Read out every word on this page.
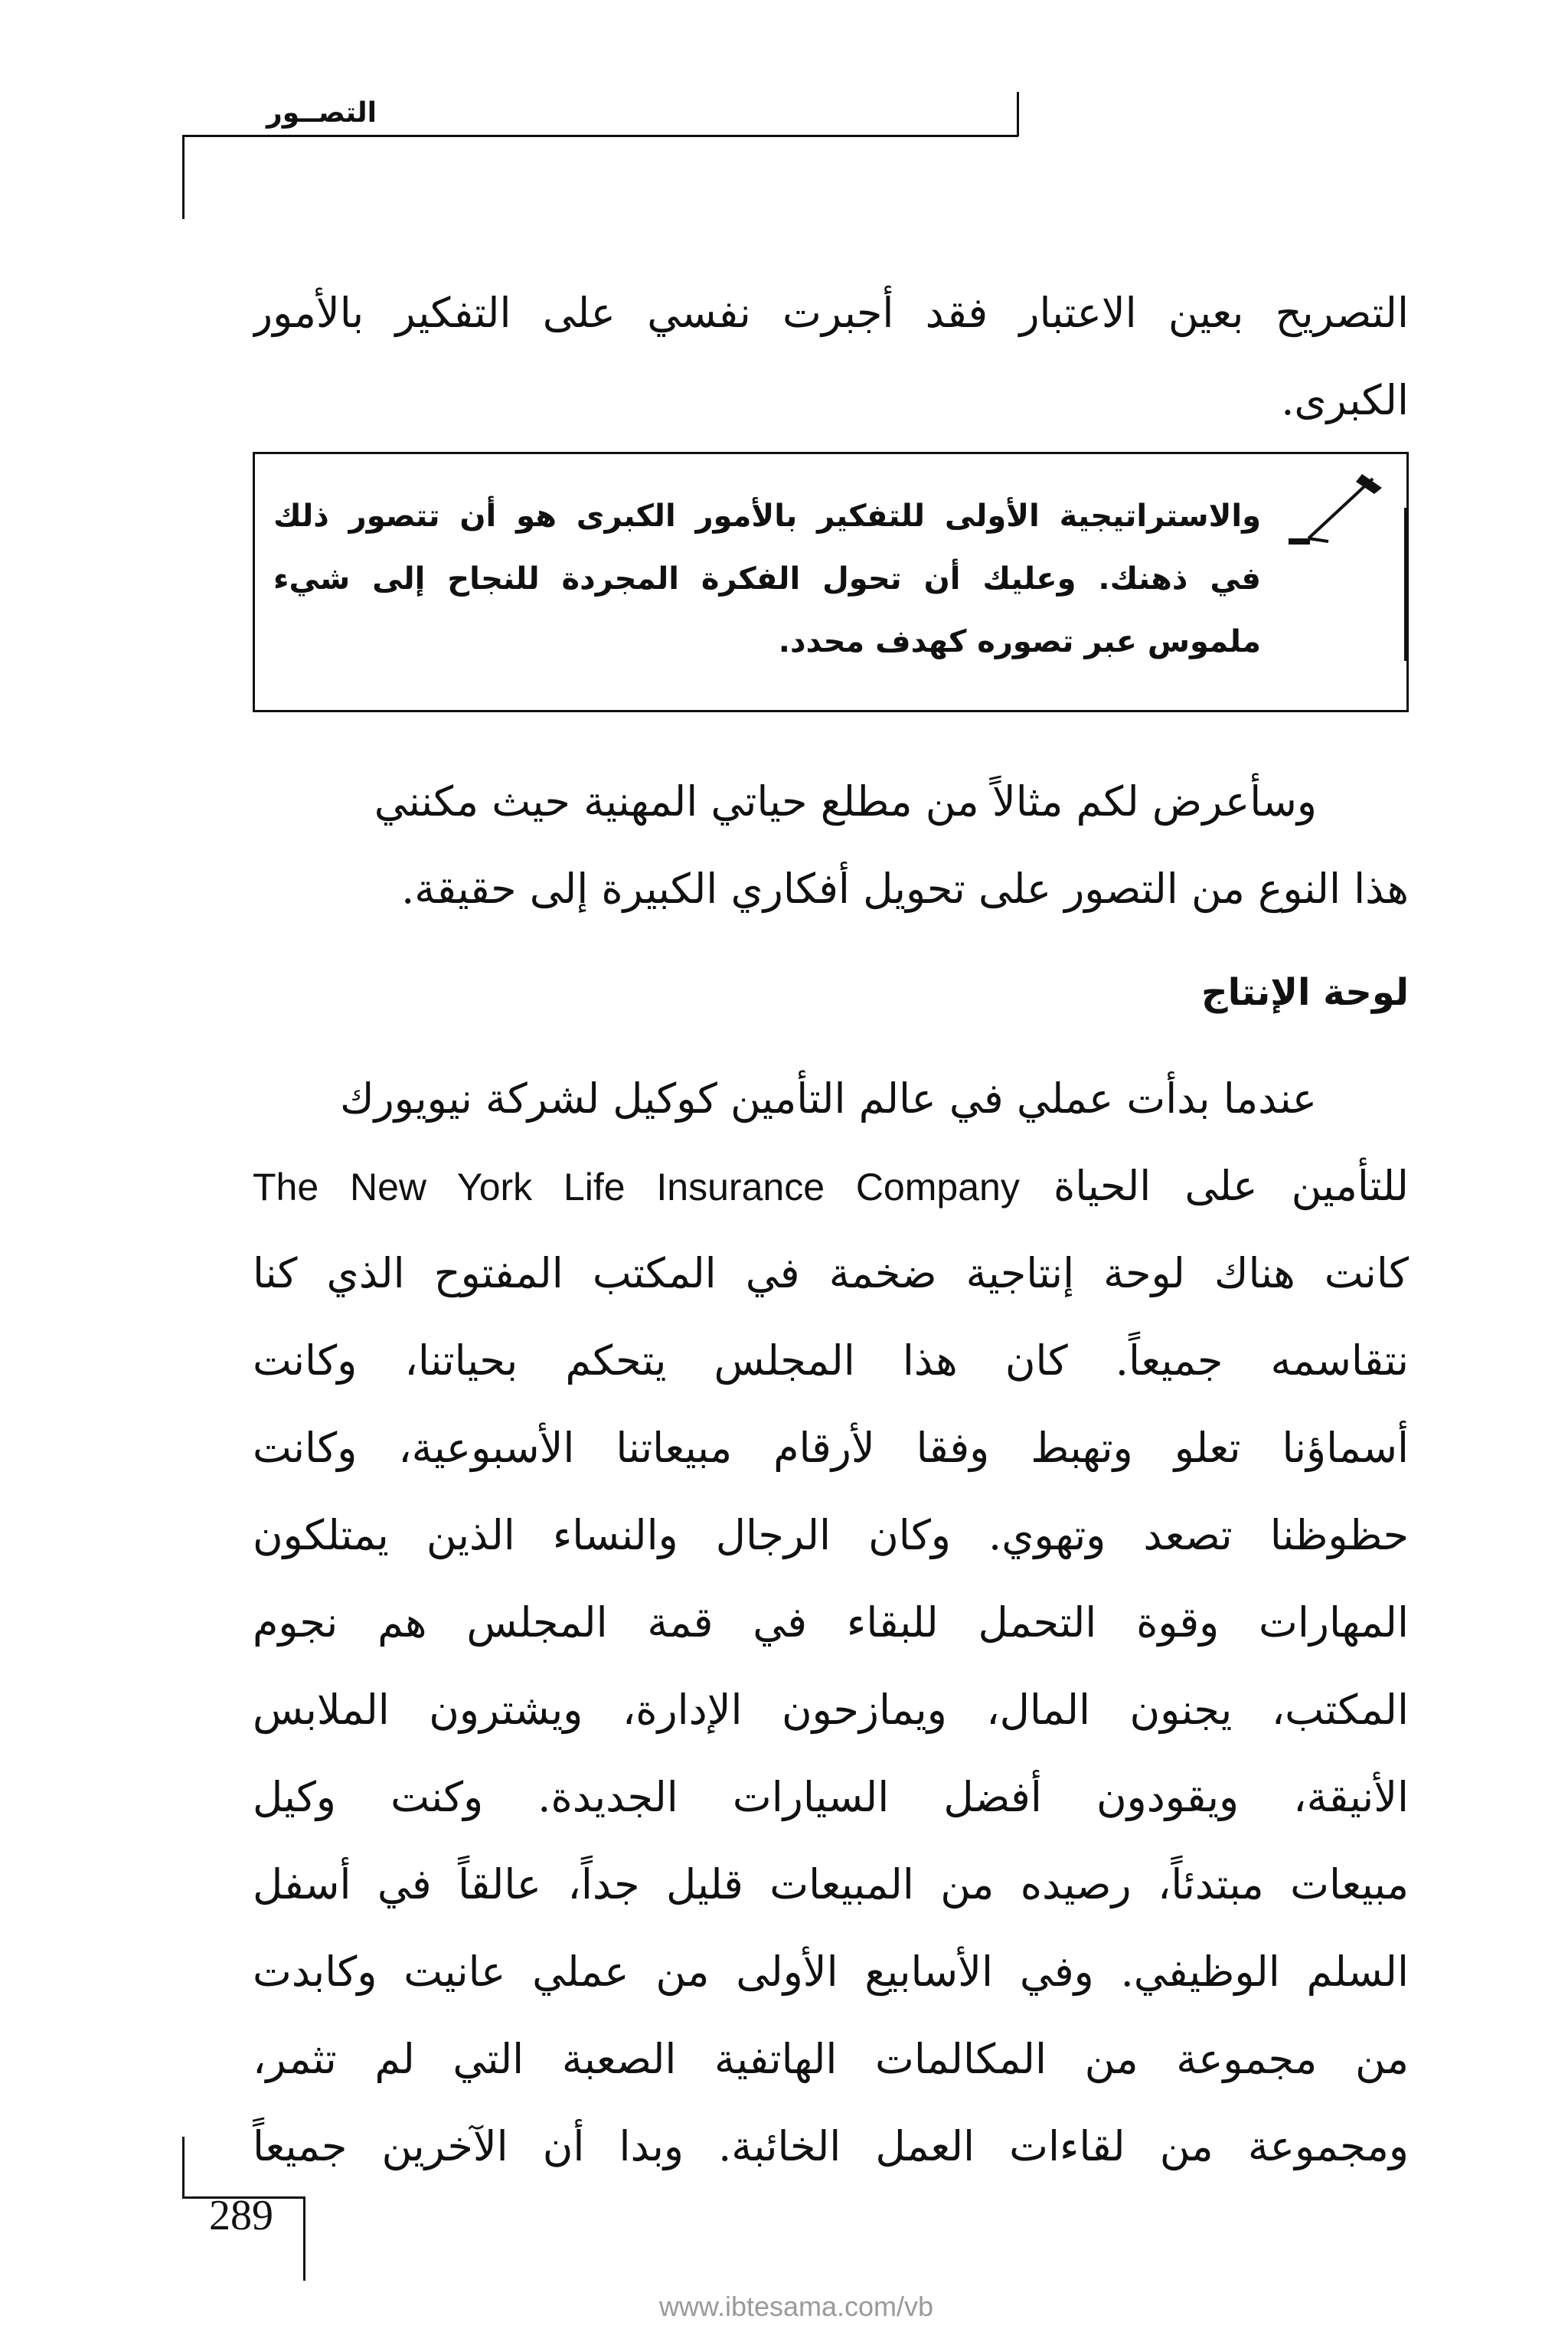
التصــور
التصريح بعين الاعتبار فقد أجبرت نفسي على التفكير بالأمور
الكبرى.
والاستراتيجية الأولى للتفكير بالأمور الكبرى هو أن تتصور ذلك
في ذهنك. وعليك أن تحول الفكرة المجردة للنجاح إلى شيء
ملموس عبر تصوره كهدف محدد.
وسأعرض لكم مثالاً من مطلع حياتي المهنية حيث مكنني
هذا النوع من التصور على تحويل أفكاري الكبيرة إلى حقيقة.
لوحة الإنتاج
عندما بدأت عملي في عالم التأمين كوكيل لشركة نيويورك
للتأمين على الحياة The New York Life Insurance Company
كانت هناك لوحة إنتاجية ضخمة في المكتب المفتوح الذي كنا
نتقاسمه جميعاً. كان هذا المجلس يتحكم بحياتنا، وكانت
أسماؤنا تعلو وتهبط وفقا لأرقام مبيعاتنا الأسبوعية، وكانت
حظوظنا تصعد وتهوي. وكان الرجال والنساء الذين يمتلكون
المهارات وقوة التحمل للبقاء في قمة المجلس هم نجوم
المكتب، يجنون المال، ويمازحون الإدارة، ويشترون الملابس
الأنيقة، ويقودون أفضل السيارات الجديدة. وكنت وكيل
مبيعات مبتدئاً، رصيده من المبيعات قليل جداً، عالقاً في أسفل
السلم الوظيفي. وفي الأسابيع الأولى من عملي عانيت وكابدت
من مجموعة من المكالمات الهاتفية الصعبة التي لم تثمر،
ومجموعة من لقاءات العمل الخائبة. وبدا أن الآخرين جميعاً
289
www.ibtesama.com/vb
